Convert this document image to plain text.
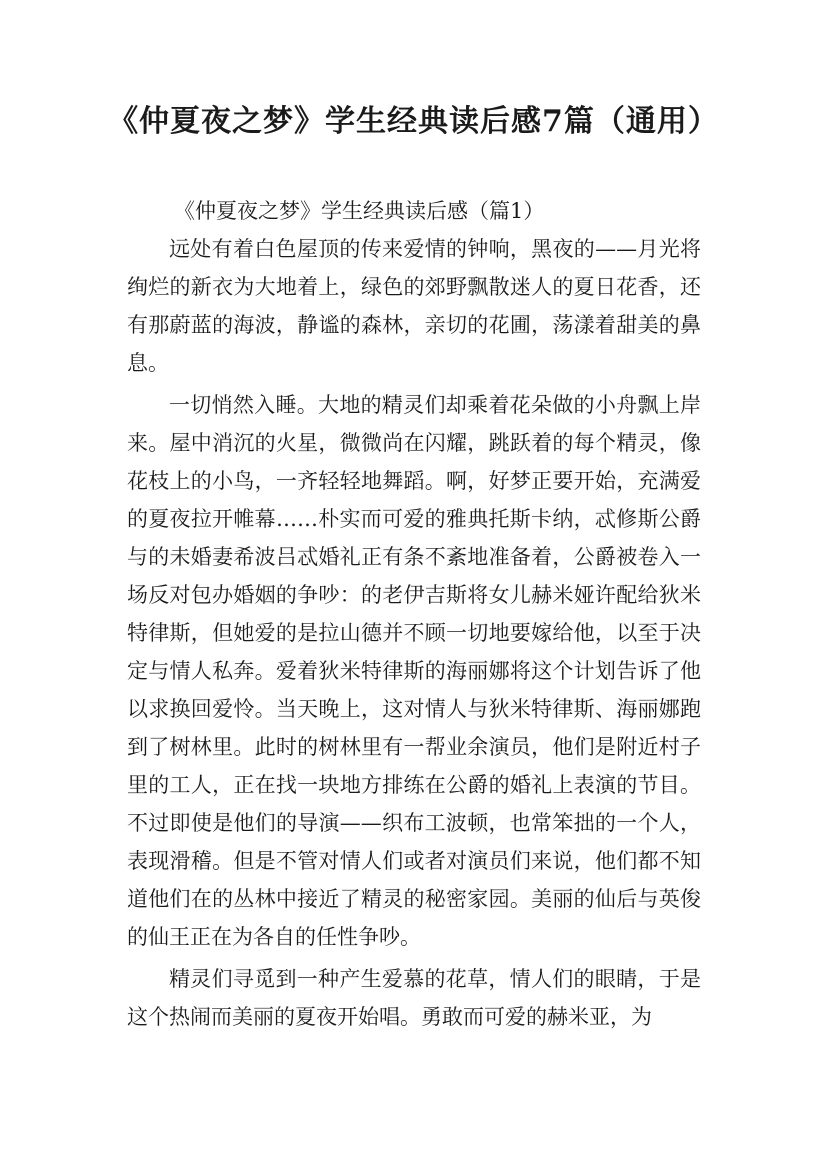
《仲夏夜之梦》学生经典读后感7篇（通用）

《仲夏夜之梦》学生经典读后感（篇1）

远处有着白色屋顶的传来爱情的钟响，黑夜的——月光将绚烂的新衣为大地着上，绿色的郊野飘散迷人的夏日花香，还有那蔚蓝的海波，静谧的森林，亲切的花圃，荡漾着甜美的鼻息。

一切悄然入睡。大地的精灵们却乘着花朵做的小舟飘上岸来。屋中消沉的火星，微微尚在闪耀，跳跃着的每个精灵，像花枝上的小鸟，一齐轻轻地舞蹈。啊，好梦正要开始，充满爱的夏夜拉开帷幕……朴实而可爱的雅典托斯卡纳，忒修斯公爵与的未婚妻希波吕忒婚礼正有条不紊地准备着，公爵被卷入一场反对包办婚姻的争吵：的老伊吉斯将女儿赫米娅许配给狄米特律斯，但她爱的是拉山德并不顾一切地要嫁给他，以至于决定与情人私奔。爱着狄米特律斯的海丽娜将这个计划告诉了他以求换回爱怜。当天晚上，这对情人与狄米特律斯、海丽娜跑到了树林里。此时的树林里有一帮业余演员，他们是附近村子里的工人，正在找一块地方排练在公爵的婚礼上表演的节目。不过即使是他们的导演——织布工波顿，也常笨拙的一个人，表现滑稽。但是不管对情人们或者对演员们来说，他们都不知道他们在的丛林中接近了精灵的秘密家园。美丽的仙后与英俊的仙王正在为各自的任性争吵。

精灵们寻觅到一种产生爱慕的花草，情人们的眼睛，于是这个热闹而美丽的夏夜开始唱。勇敢而可爱的赫米亚，为
